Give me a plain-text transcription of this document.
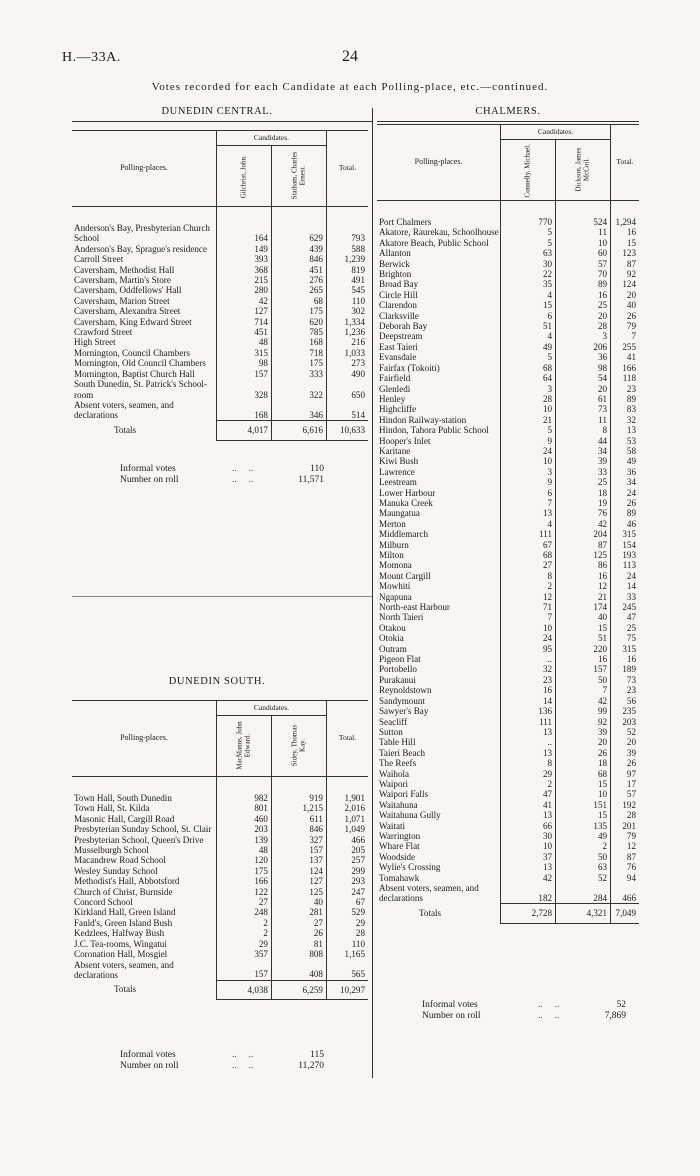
H.—33A.	24
Votes recorded for each Candidate at each Polling-place, etc.—continued.
DUNEDIN CENTRAL.	CHALMERS.
DUNEDIN SOUTH.
Polling-places.	Candidates.		Total.
	Gilchrist, John.	Statham, Charles Ernest.	

Anderson's Bay, Presbyterian Church School	164	629	793
Anderson's Bay, Sprague's residence	149	439	588
Carroll Street	393	846	1,239
Caversham, Methodist Hall	368	451	819
Caversham, Martin's Store	215	276	491
Caversham, Oddfellows' Hall	280	265	545
Caversham, Marion Street	42	68	110
Caversham, Alexandra Street	127	175	302
Caversham, King Edward Street	714	620	1,334
Crawford Street	451	785	1,236
High Street	48	168	216
Mornington, Council Chambers	315	718	1,033
Mornington, Old Council Chambers	98	175	273
Mornington, Baptist Church Hall	157	333	490
South Dunedin, St. Patrick's School-room	328	322	650
Absent voters, seamen, and declarations	168	346	514
Totals	4,017	6,616	10,633
Polling-places.	Candidates.		Total.
	Connelly, Michael.	Dickson, James McCoil.	

Port Chalmers	770	524	1,294
Akatore, Raurekau, Schoolhouse	5	11	16
Akatore Beach, Public School	5	10	15
Allanton	63	60	123
Berwick	30	57	87
Brighton	22	70	92
Broad Bay	35	89	124
Circle Hill	4	16	20
Clarendon	15	25	40
Clarksville	6	20	26
Deborah Bay	51	28	79
Deepstream	4	3	7
East Taieri	49	206	255
Evansdale	5	36	41
Fairfax (Tokoiti)	68	98	166
Fairfield	64	54	118
Glenledi	3	20	23
Henley	28	61	89
Highcliffe	10	73	83
Hindon Railway-station	21	11	32
Hindon, Tahora Public School	5	8	13
Hooper's Inlet	9	44	53
Karitane	24	34	58
Kiwi Bush	10	39	49
Lawrence	3	33	36
Leestream	9	25	34
Lower Harbour	6	18	24
Manuka Creek	7	19	26
Maungatua	13	76	89
Merton	4	42	46
Middlemarch	111	204	315
Milburn	67	87	154
Milton	68	125	193
Momona	27	86	113
Mount Cargill	8	16	24
Mowhiti	2	12	14
Ngapuna	12	21	33
North-east Harbour	71	174	245
North Taieri	7	40	47
Otakou	10	15	25
Otokia	24	51	75
Outram	95	220	315
Pigeon Flat	..	16	16
Portobello	32	157	189
Purakanui	23	50	73
Reynoldstown	16	7	23
Sandymount	14	42	56
Sawyer's Bay	136	99	235
Seacliff	111	92	203
Sutton	13	39	52
Table Hill	..	20	20
Taieri Beach	13	26	39
The Reefs	8	18	26
Waihola	29	68	97
Waipori	2	15	17
Waipori Falls	47	10	57
Waitahuna	41	151	192
Waitahuna Gully	13	15	28
Waitati	66	135	201
Warrington	30	49	79
Whare Flat	10	2	12
Woodside	37	50	87
Wylie's Crossing	13	63	76
Tomahawk	42	52	94
Absent voters, seamen, and declarations	182	284	466
Totals	2,728	4,321	7,049
Polling-places.	Candidates.		Total.
	MacManus, John Edward.	Sidey, Thomas Kay.	

Town Hall, South Dunedin	982	919	1,901
Town Hall, St. Kilda	801	1,215	2,016
Masonic Hall, Cargill Road	460	611	1,071
Presbyterian Sunday School, St. Clair	203	846	1,049
Presbyterian School, Queen's Drive	139	327	466
Musselburgh School	48	157	205
Macandrew Road School	120	137	257
Wesley Sunday School	175	124	299
Methodist's Hall, Abbotsford	166	127	293
Church of Christ, Burnside	122	125	247
Concord School	27	40	67
Kirkland Hall, Green Island	248	281	529
Fauld's, Green Island Bush	2	27	29
Kedzlees, Halfway Bush	2	26	28
J.C. Tea-rooms, Wingatui	29	81	110
Coronation Hall, Mosgiel	357	808	1,165
Absent voters, seamen, and declarations	157	408	565
Totals	4,038	6,259	10,297
Informal votes	..     ..	110

Number on roll	..     ..	11,571
Informal votes	..     ..	115

Number on roll	..     ..	11,270
Informal votes	..     ..	52

Number on roll	..     ..	7,869
